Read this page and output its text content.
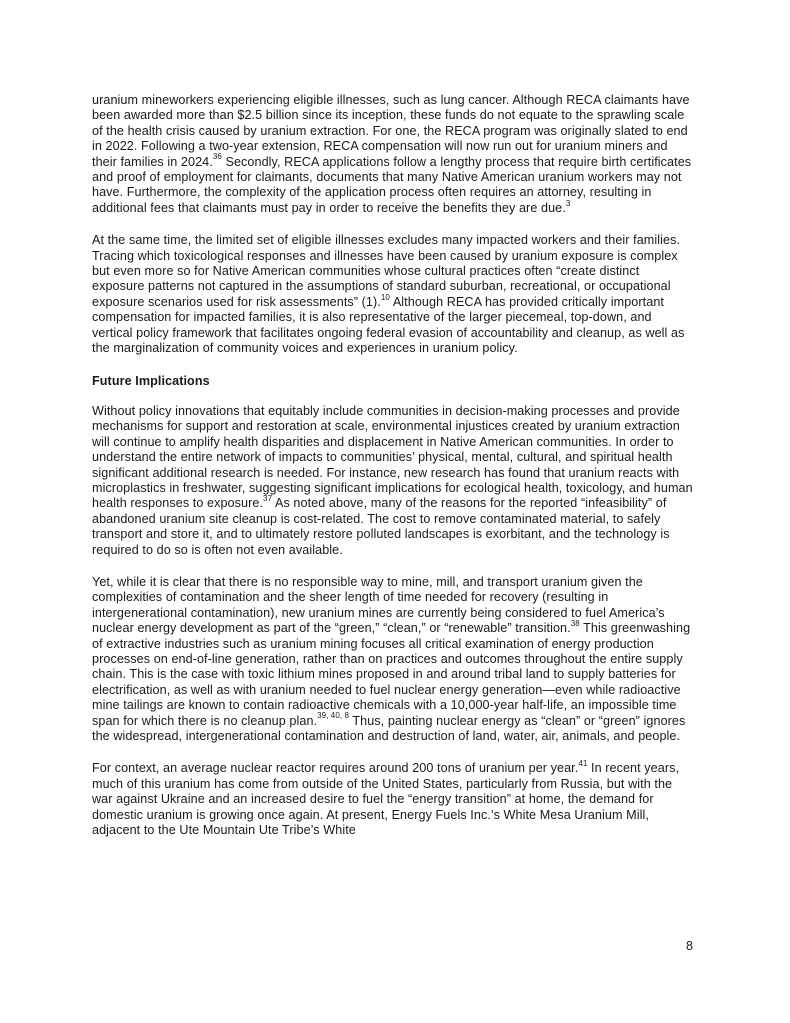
uranium mineworkers experiencing eligible illnesses, such as lung cancer. Although RECA claimants have been awarded more than $2.5 billion since its inception, these funds do not equate to the sprawling scale of the health crisis caused by uranium extraction. For one, the RECA program was originally slated to end in 2022. Following a two-year extension, RECA compensation will now run out for uranium miners and their families in 2024.36 Secondly, RECA applications follow a lengthy process that require birth certificates and proof of employment for claimants, documents that many Native American uranium workers may not have. Furthermore, the complexity of the application process often requires an attorney, resulting in additional fees that claimants must pay in order to receive the benefits they are due.$^3$

At the same time, the limited set of eligible illnesses excludes many impacted workers and their families. Tracing which toxicological responses and illnesses have been caused by uranium exposure is complex but even more so for Native American communities whose cultural practices often “create distinct exposure patterns not captured in the assumptions of standard suburban, recreational, or occupational exposure scenarios used for risk assessments” (1).$^{10}$ Although RECA has provided critically important compensation for impacted families, it is also representative of the larger piecemeal, top-down, and vertical policy framework that facilitates ongoing federal evasion of accountability and cleanup, as well as the marginalization of community voices and experiences in uranium policy.

Future Implications

Without policy innovations that equitably include communities in decision-making processes and provide mechanisms for support and restoration at scale, environmental injustices created by uranium extraction will continue to amplify health disparities and displacement in Native American communities. In order to understand the entire network of impacts to communities’ physical, mental, cultural, and spiritual health significant additional research is needed. For instance, new research has found that uranium reacts with microplastics in freshwater, suggesting significant implications for ecological health, toxicology, and human health responses to exposure.$^{37}$ As noted above, many of the reasons for the reported “infeasibility” of abandoned uranium site cleanup is cost-related. The cost to remove contaminated material, to safely transport and store it, and to ultimately restore polluted landscapes is exorbitant, and the technology is required to do so is often not even available.

Yet, while it is clear that there is no responsible way to mine, mill, and transport uranium given the complexities of contamination and the sheer length of time needed for recovery (resulting in intergenerational contamination), new uranium mines are currently being considered to fuel America’s nuclear energy development as part of the “green,” “clean,” or “renewable” transition.$^{38}$ This greenwashing of extractive industries such as uranium mining focuses all critical examination of energy production processes on end-of-line generation, rather than on practices and outcomes throughout the entire supply chain. This is the case with toxic lithium mines proposed in and around tribal land to supply batteries for electrification, as well as with uranium needed to fuel nuclear energy generation—even while radioactive mine tailings are known to contain radioactive chemicals with a 10,000-year half-life, an impossible time span for which there is no cleanup plan.$^{39, 40, 8}$ Thus, painting nuclear energy as “clean” or “green” ignores the widespread, intergenerational contamination and destruction of land, water, air, animals, and people.

For context, an average nuclear reactor requires around 200 tons of uranium per year.$^{41}$ In recent years, much of this uranium has come from outside of the United States, particularly from Russia, but with the war against Ukraine and an increased desire to fuel the “energy transition” at home, the demand for domestic uranium is growing once again. At present, Energy Fuels Inc.’s White Mesa Uranium Mill, adjacent to the Ute Mountain Ute Tribe’s White

8
